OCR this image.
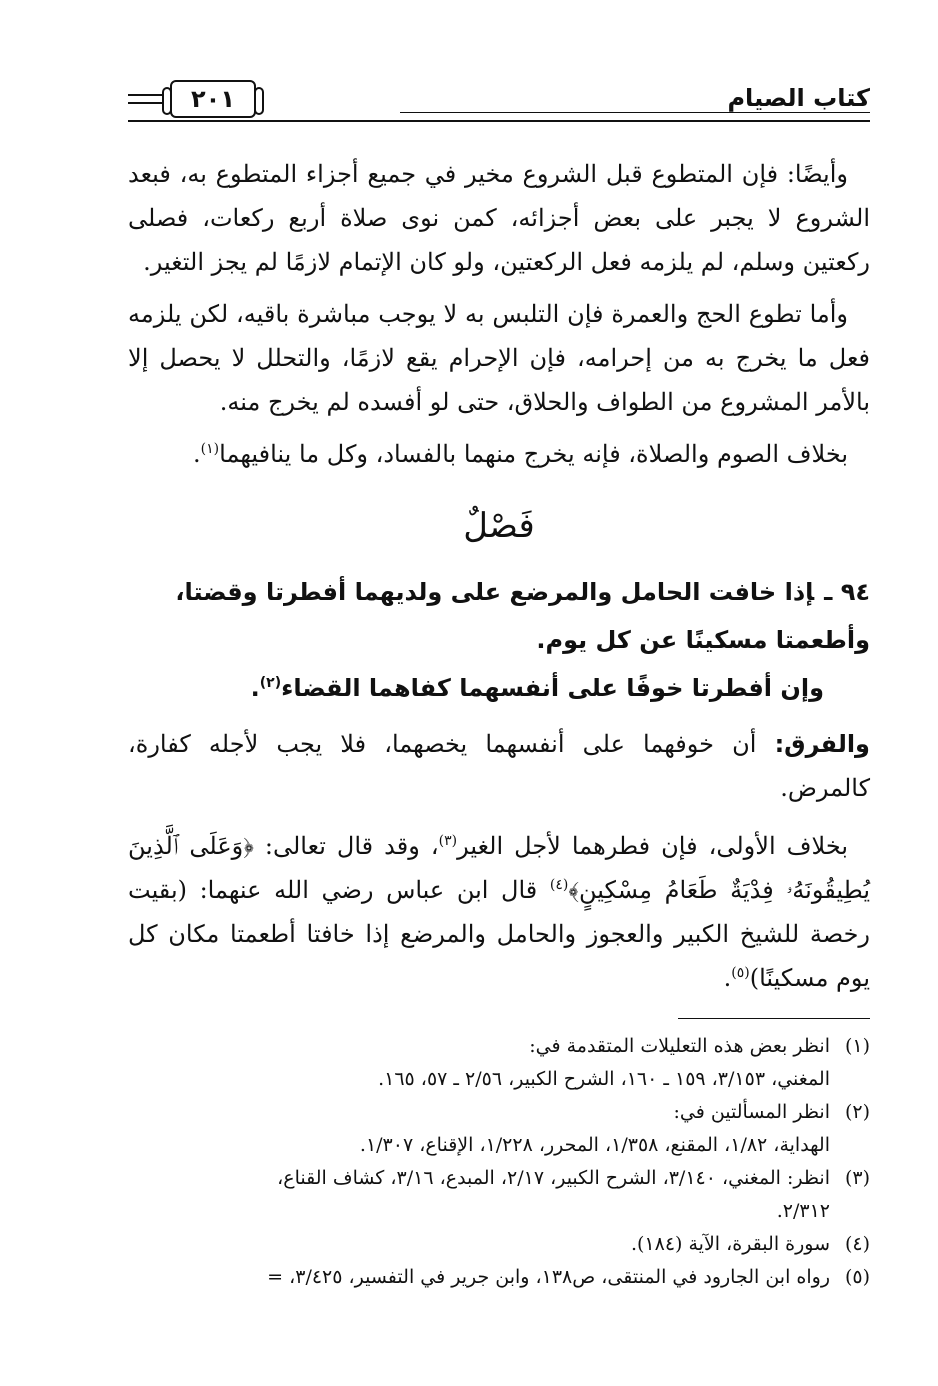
كتاب الصيام
٢٠١

وأيضًا: فإن المتطوع قبل الشروع مخير في جميع أجزاء المتطوع به، فبعد الشروع لا يجبر على بعض أجزائه، كمن نوى صلاة أربع ركعات، فصلى ركعتين وسلم، لم يلزمه فعل الركعتين، ولو كان الإتمام لازمًا لم يجز التغير.

وأما تطوع الحج والعمرة فإن التلبس به لا يوجب مباشرة باقيه، لكن يلزمه فعل ما يخرج به من إحرامه، فإن الإحرام يقع لازمًا، والتحلل لا يحصل إلا بالأمر المشروع من الطواف والحلاق، حتى لو أفسده لم يخرج منه.

بخلاف الصوم والصلاة، فإنه يخرج منهما بالفساد، وكل ما ينافيهما$^{(١)}$.

فَصْلٌ

٩٤ ـإذا خافت الحامل والمرضع على ولديهما أفطرتا وقضتا، وأطعمتا مسكينًا عن كل يوم.

وإن أفطرتا خوفًا على أنفسهما كفاهما القضاء$^{(٢)}$.

والفرق: أن خوفهما على أنفسهما يخصهما، فلا يجب لأجله كفارة، كالمرض.

بخلاف الأولى، فإن فطرهما لأجل الغير$^{(٣)}$، وقد قال تعالى: ﴿وَعَلَى ٱلَّذِينَ يُطِيقُونَهُۥ فِدْيَةٌ طَعَامُ مِسْكِينٍ﴾$^{(٤)}$ قال ابن عباس رضي الله عنهما: (بقيت رخصة للشيخ الكبير والعجوز والحامل والمرضع إذا خافتا أطعمتا مكان كل يوم مسكينًا)$^{(٥)}$.

(١)
انظر بعض هذه التعليلات المتقدمة في:

المغني، ٣/١٥٣، ١٥٩ ـ ١٦٠، الشرح الكبير، ٢/٥٦ ـ ٥٧، ١٦٥.

(٢)
انظر المسألتين في:

الهداية، ١/٨٢، المقنع، ١/٣٥٨، المحرر، ١/٢٢٨، الإقناع، ١/٣٠٧.

(٣)
انظر: المغني، ٣/١٤٠، الشرح الكبير، ٢/١٧، المبدع، ٣/١٦، كشاف القناع،

٢/٣١٢.

(٤)
سورة البقرة، الآية (١٨٤).

(٥)
رواه ابن الجارود في المنتقى، ص١٣٨، وابن جرير في التفسير، ٣/٤٢٥، =
